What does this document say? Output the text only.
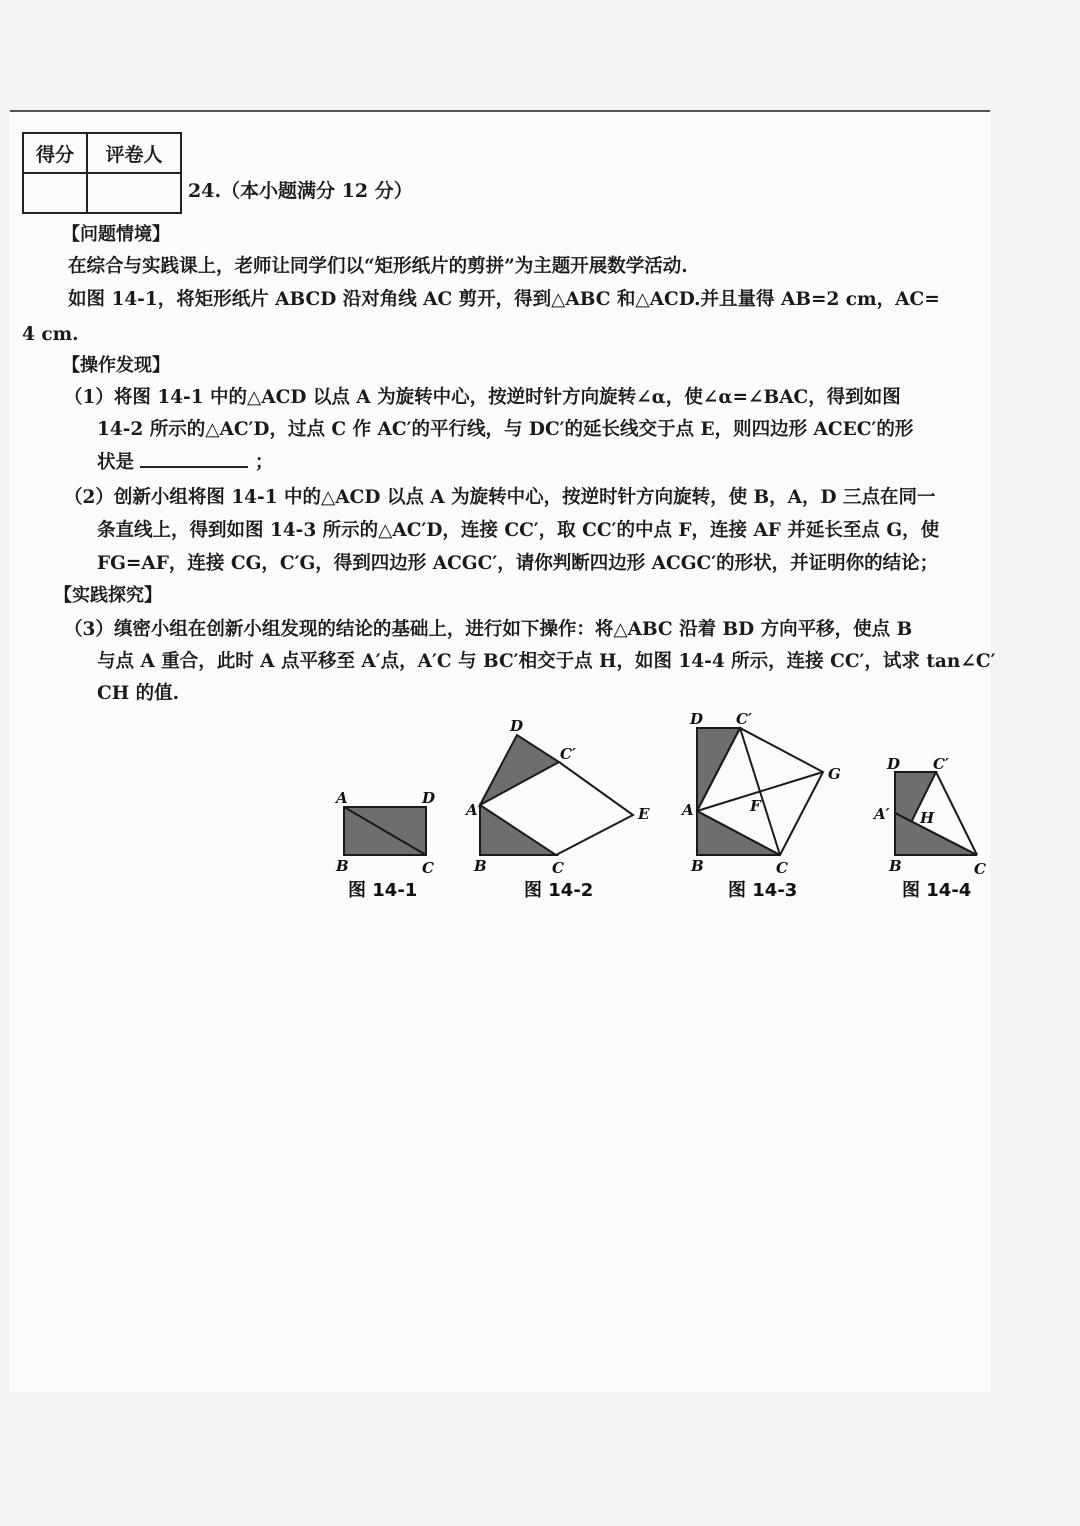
得分	评卷人

24.（本小题满分 12 分）
【问题情境】
在综合与实践课上，老师让同学们以“矩形纸片的剪拼”为主题开展数学活动.
如图 14-1，将矩形纸片 ABCD 沿对角线 AC 剪开，得到△ABC 和△ACD.并且量得 AB=2 cm，AC=
4 cm.
【操作发现】
（1）将图 14-1 中的△ACD 以点 A 为旋转中心，按逆时针方向旋转∠α，使∠α=∠BAC，得到如图
14-2 所示的△AC′D，过点 C 作 AC′的平行线，与 DC′的延长线交于点 E，则四边形 ACEC′的形
状是	；
（2）创新小组将图 14-1 中的△ACD 以点 A 为旋转中心，按逆时针方向旋转，使 B，A，D 三点在同一
条直线上，得到如图 14-3 所示的△AC′D，连接 CC′，取 CC′的中点 F，连接 AF 并延长至点 G，使
FG=AF，连接 CG，C′G，得到四边形 ACGC′，请你判断四边形 ACGC′的形状，并证明你的结论；
【实践探究】
（3）缜密小组在创新小组发现的结论的基础上，进行如下操作：将△ABC 沿着 BD 方向平移，使点 B
与点 A 重合，此时 A 点平移至 A′点，A′C 与 BC′相交于点 H，如图 14-4 所示，连接 CC′，试求 tan∠C′
CH 的值.
A	D
B	C
图 14-1
D
C′
A	E
B	C
图 14-2
D C′
G
F
A
B	C
图 14-3
D C′
A′ H
B	C
图 14-4
